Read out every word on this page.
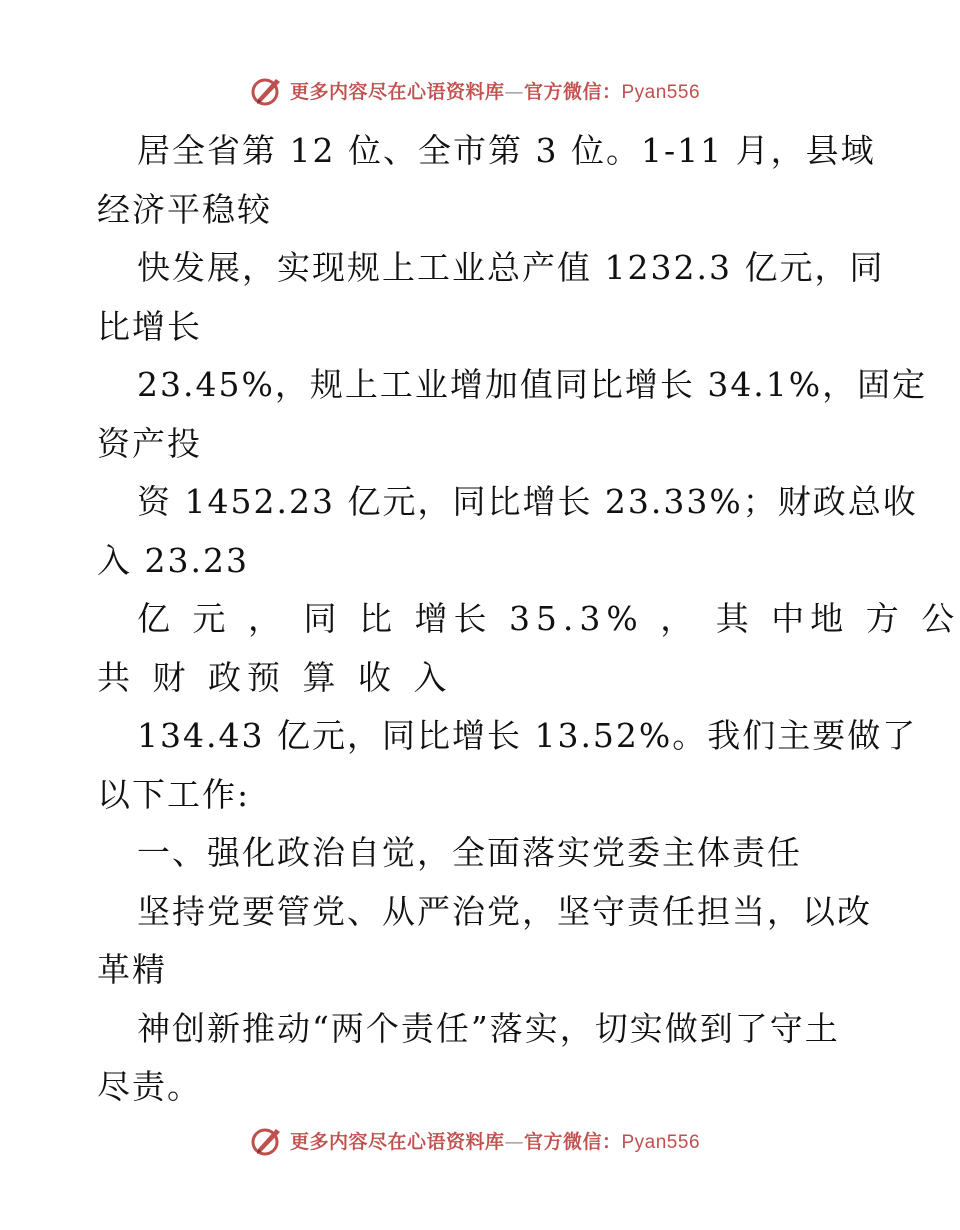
更多内容尽在心语资料库—官方微信：Pyan556
居全省第 12 位、全市第 3 位。1-11 月，县域
经济平稳较
快发展，实现规上工业总产值 1232.3 亿元，同
比增长
23.45%，规上工业增加值同比增长 34.1%，固定
资产投
资 1452.23 亿元，同比增长 23.33%；财政总收
入 23.23
亿 元 ， 同 比 增长 35.3% ， 其 中地 方 公
共 财 政预 算 收 入
134.43 亿元，同比增长 13.52%。我们主要做了
以下工作:
一、强化政治自觉，全面落实党委主体责任
坚持党要管党、从严治党，坚守责任担当，以改
革精
神创新推动“两个责任”落实，切实做到了守土
尽责。
更多内容尽在心语资料库—官方微信：Pyan556
